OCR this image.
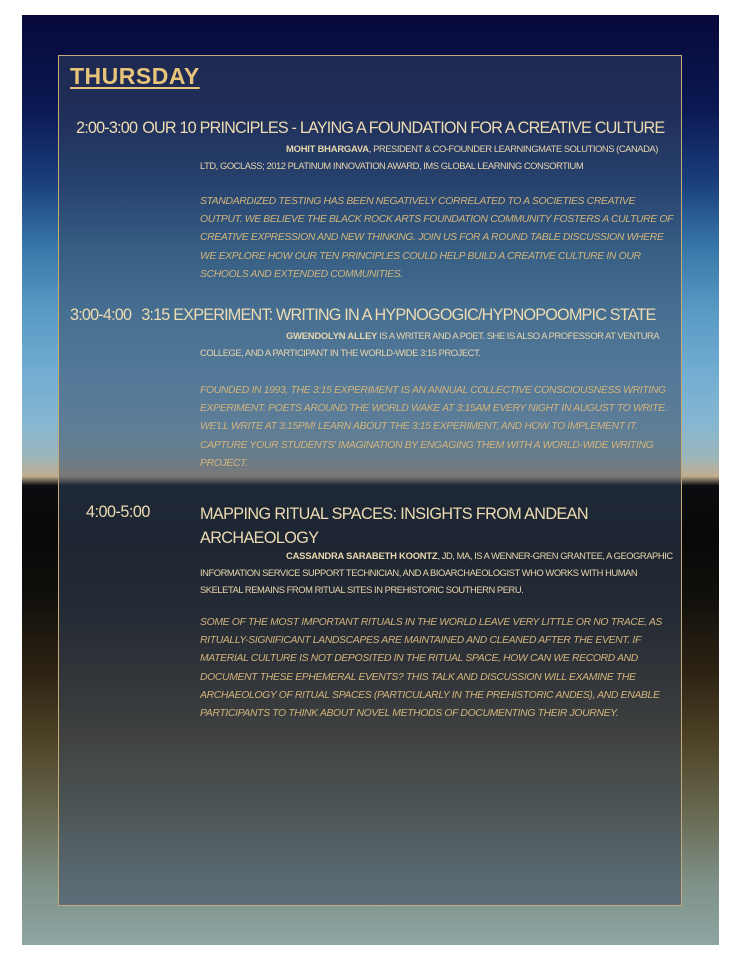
THURSDAY
2:00-3:00 OUR 10 PRINCIPLES - LAYING A FOUNDATION FOR A CREATIVE CULTURE

MOHIT BHARGAVA, PRESIDENT & CO-FOUNDER LEARNINGMATE SOLUTIONS (CANADA) LTD, GOCLASS; 2012 PLATINUM INNOVATION AWARD, IMS GLOBAL LEARNING CONSORTIUM

STANDARDIZED TESTING HAS BEEN NEGATIVELY CORRELATED TO A SOCIETIES CREATIVE OUTPUT. WE BELIEVE THE BLACK ROCK ARTS FOUNDATION COMMUNITY FOSTERS A CULTURE OF CREATIVE EXPRESSION AND NEW THINKING. JOIN US FOR A ROUND TABLE DISCUSSION WHERE WE EXPLORE HOW OUR TEN PRINCIPLES COULD HELP BUILD A CREATIVE CULTURE IN OUR SCHOOLS AND EXTENDED COMMUNITIES.

3:00-4:00 3:15 EXPERIMENT: WRITING IN A HYPNOGOGIC/HYPNOPOOMPIC STATE

GWENDOLYN ALLEY IS A WRITER AND A POET. SHE IS ALSO A PROFESSOR AT VENTURA COLLEGE, AND A PARTICIPANT IN THE WORLD-WIDE 3:15 PROJECT.

FOUNDED IN 1993, THE 3:15 EXPERIMENT IS AN ANNUAL COLLECTIVE CONSCIOUSNESS WRITING EXPERIMENT. POETS AROUND THE WORLD WAKE AT 3:15AM EVERY NIGHT IN AUGUST TO WRITE. WE'LL WRITE AT 3:15PM! LEARN ABOUT THE 3:15 EXPERIMENT, AND HOW TO IMPLEMENT IT. CAPTURE YOUR STUDENTS' IMAGINATION BY ENGAGING THEM WITH A WORLD-WIDE WRITING PROJECT.

4:00-5:00	MAPPING RITUAL SPACES: INSIGHTS FROM ANDEAN ARCHAEOLOGY

CASSANDRA SARABETH KOONTZ, JD, MA, IS A WENNER-GREN GRANTEE, A GEOGRAPHIC INFORMATION SERVICE SUPPORT TECHNICIAN, AND A BIOARCHAEOLOGIST WHO WORKS WITH HUMAN SKELETAL REMAINS FROM RITUAL SITES IN PREHISTORIC SOUTHERN PERU.

SOME OF THE MOST IMPORTANT RITUALS IN THE WORLD LEAVE VERY LITTLE OR NO TRACE, AS RITUALLY-SIGNIFICANT LANDSCAPES ARE MAINTAINED AND CLEANED AFTER THE EVENT. IF MATERIAL CULTURE IS NOT DEPOSITED IN THE RITUAL SPACE, HOW CAN WE RECORD AND DOCUMENT THESE EPHEMERAL EVENTS? THIS TALK AND DISCUSSION WILL EXAMINE THE ARCHAEOLOGY OF RITUAL SPACES (PARTICULARLY IN THE PREHISTORIC ANDES), AND ENABLE PARTICIPANTS TO THINK ABOUT NOVEL METHODS OF DOCUMENTING THEIR JOURNEY.
